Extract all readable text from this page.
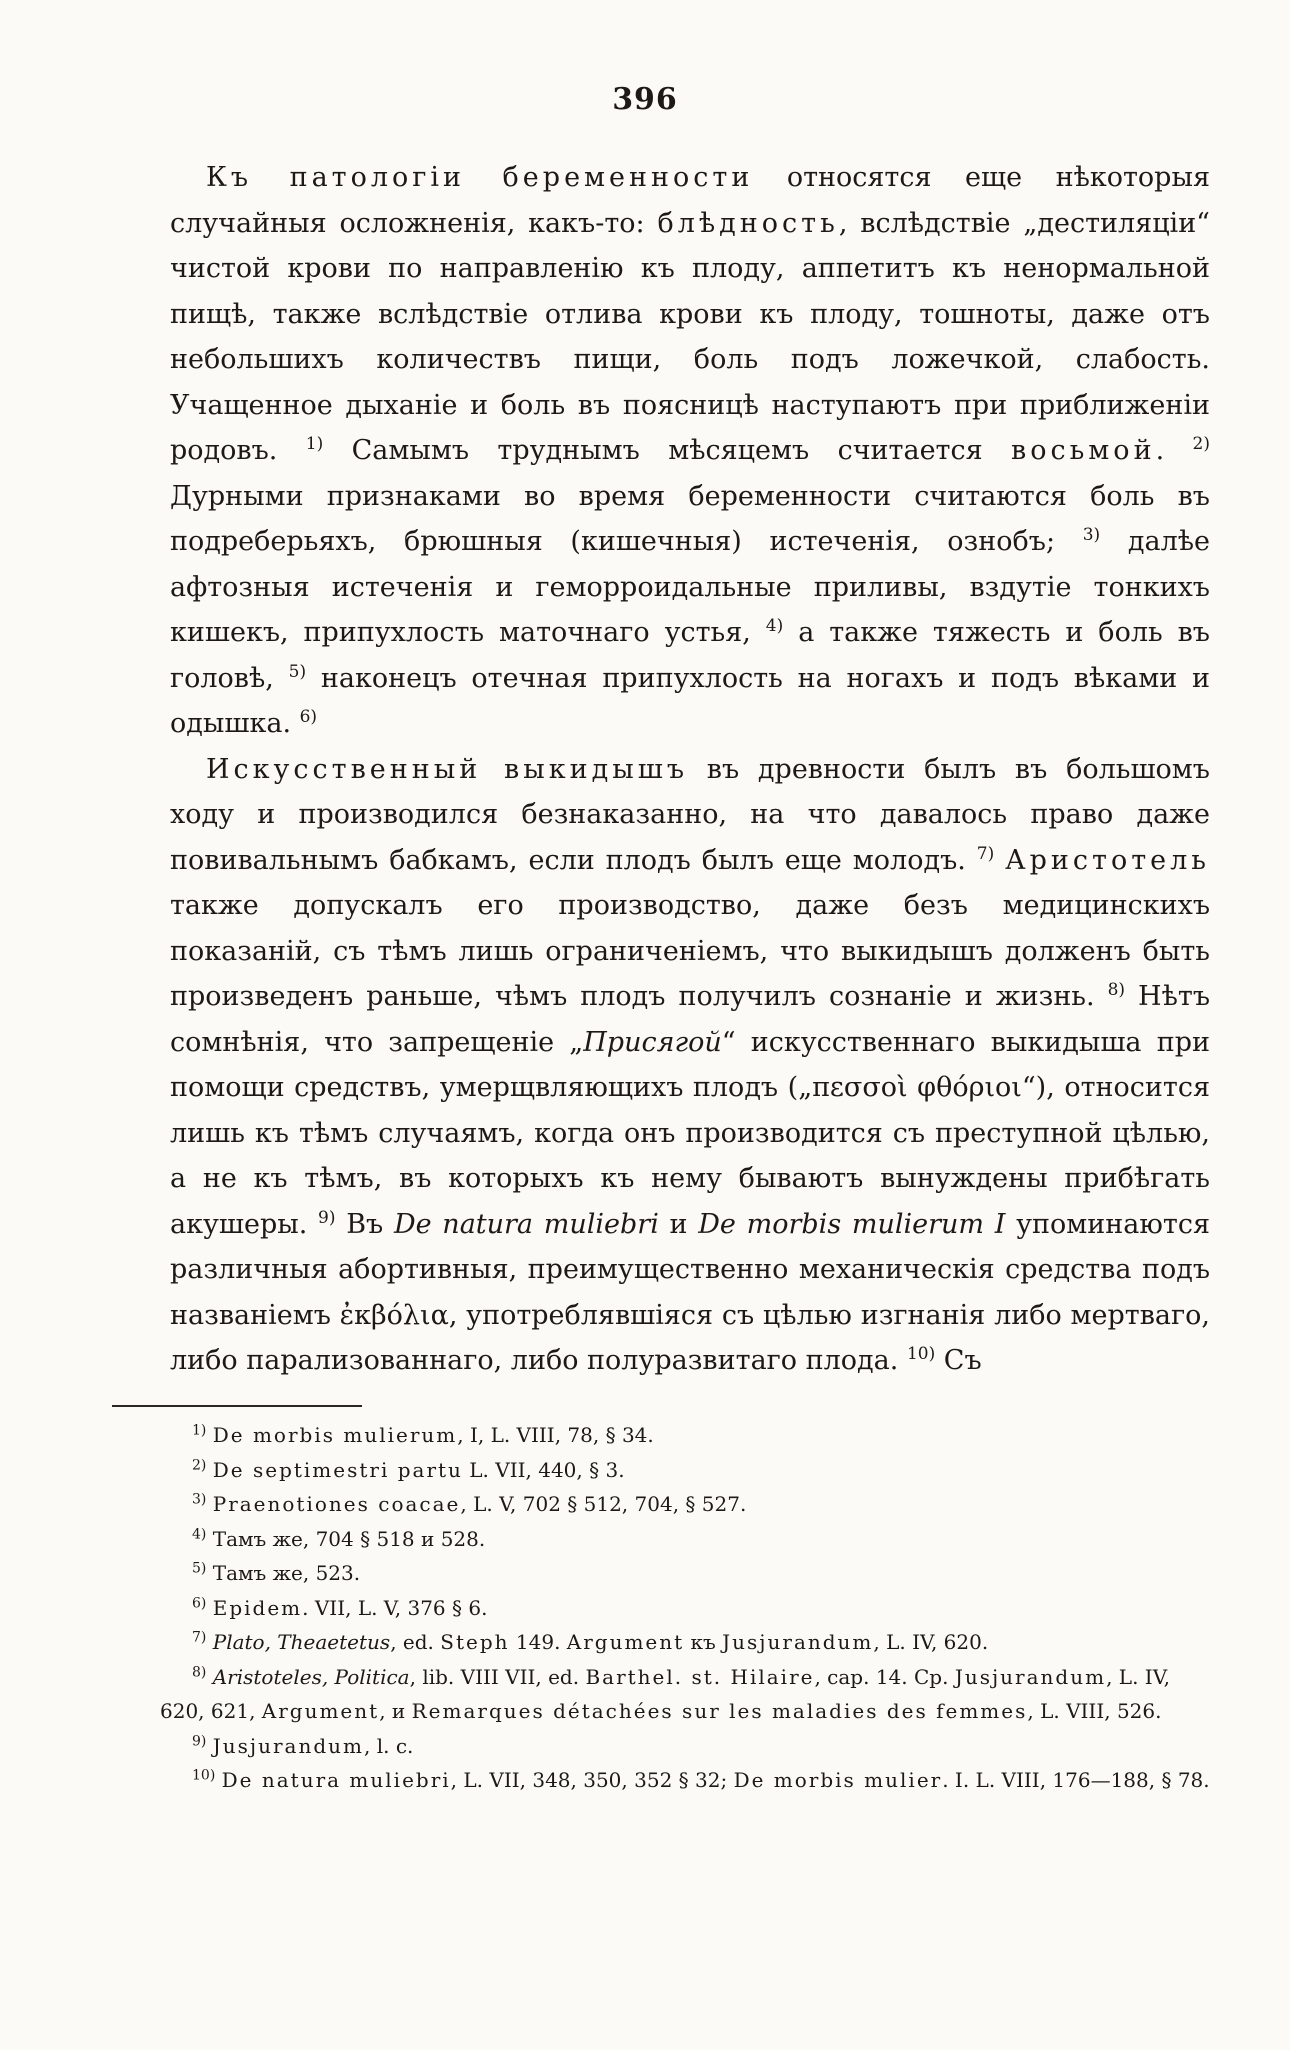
396

Къ патологіи беременности относятся еще нѣкоторыя случайныя осложненія, какъ-то: блѣдность, вслѣдствіе „дестиляціи“ чистой крови по направленію къ плоду, аппетитъ къ ненормальной пищѣ, также вслѣдствіе отлива крови къ плоду, тошноты, даже отъ небольшихъ количествъ пищи, боль подъ ложечкой, слабость. Учащенное дыханіе и боль въ поясницѣ наступаютъ при приближеніи родовъ. $^{1)}$ Самымъ труднымъ мѣсяцемъ считается восьмой. $^{2)}$ Дурными признаками во время беременности считаются боль въ подреберьяхъ, брюшныя (кишечныя) истеченія, ознобъ; $^{3)}$ далѣе афтозныя истеченія и геморроидальные приливы, вздутіе тонкихъ кишекъ, припухлость маточнаго устья, $^{4)}$ а также тяжесть и боль въ головѣ, $^{5)}$ наконецъ отечная припухлость на ногахъ и подъ вѣками и одышка. $^{6)}$

Искусственный выкидышъ въ древности былъ въ большомъ ходу и производился безнаказанно, на что давалось право даже повивальнымъ бабкамъ, если плодъ былъ еще молодъ. $^{7)}$ Аристотель также допускалъ его производство, даже безъ медицинскихъ показаній, съ тѣмъ лишь ограниченіемъ, что выкидышъ долженъ быть произведенъ раньше, чѣмъ плодъ получилъ сознаніе и жизнь. $^{8)}$ Нѣтъ сомнѣнія, что запрещеніе „Присягой“ искусственнаго выкидыша при помощи средствъ, умерщвляющихъ плодъ („πεσσοὶ φθόριοι“), относится лишь къ тѣмъ случаямъ, когда онъ производится съ преступной цѣлью, а не къ тѣмъ, въ которыхъ къ нему бываютъ вынуждены прибѣгать акушеры. $^{9)}$ Въ De natura muliebri и De morbis mulierum I упоминаются различныя абортивныя, преимущественно механическія средства подъ названіемъ ἐκβόλια, употреблявшіяся съ цѣлью изгнанія либо мертваго, либо парализованнаго, либо полуразвитаго плода. $^{10)}$ Съ

$^{1)}$ De morbis mulierum, I, L. VIII, 78, § 34.

$^{2)}$ De septimestri partu L. VII, 440, § 3.

$^{3)}$ Praenotiones coacae, L. V, 702 § 512, 704, § 527.

$^{4)}$ Тамъ же, 704 § 518 и 528.

$^{5)}$ Тамъ же, 523.

$^{6)}$ Epidem. VII, L. V, 376 § 6.

$^{7)}$ Plato, Theaetetus, ed. Steph 149. Argument къ Jusjurandum, L. IV, 620.

$^{8)}$ Aristoteles, Politica, lib. VIII VII, ed. Barthel. st. Hilaire, cap. 14. Ср. Jusjurandum, L. IV, 620, 621, Argument, и Remarques détachées sur les maladies des femmes, L. VIII, 526.

$^{9)}$ Jusjurandum, l. c.

$^{10)}$ De natura muliebri, L. VII, 348, 350, 352 § 32; De morbis mulier. I. L. VIII, 176—188, § 78.
